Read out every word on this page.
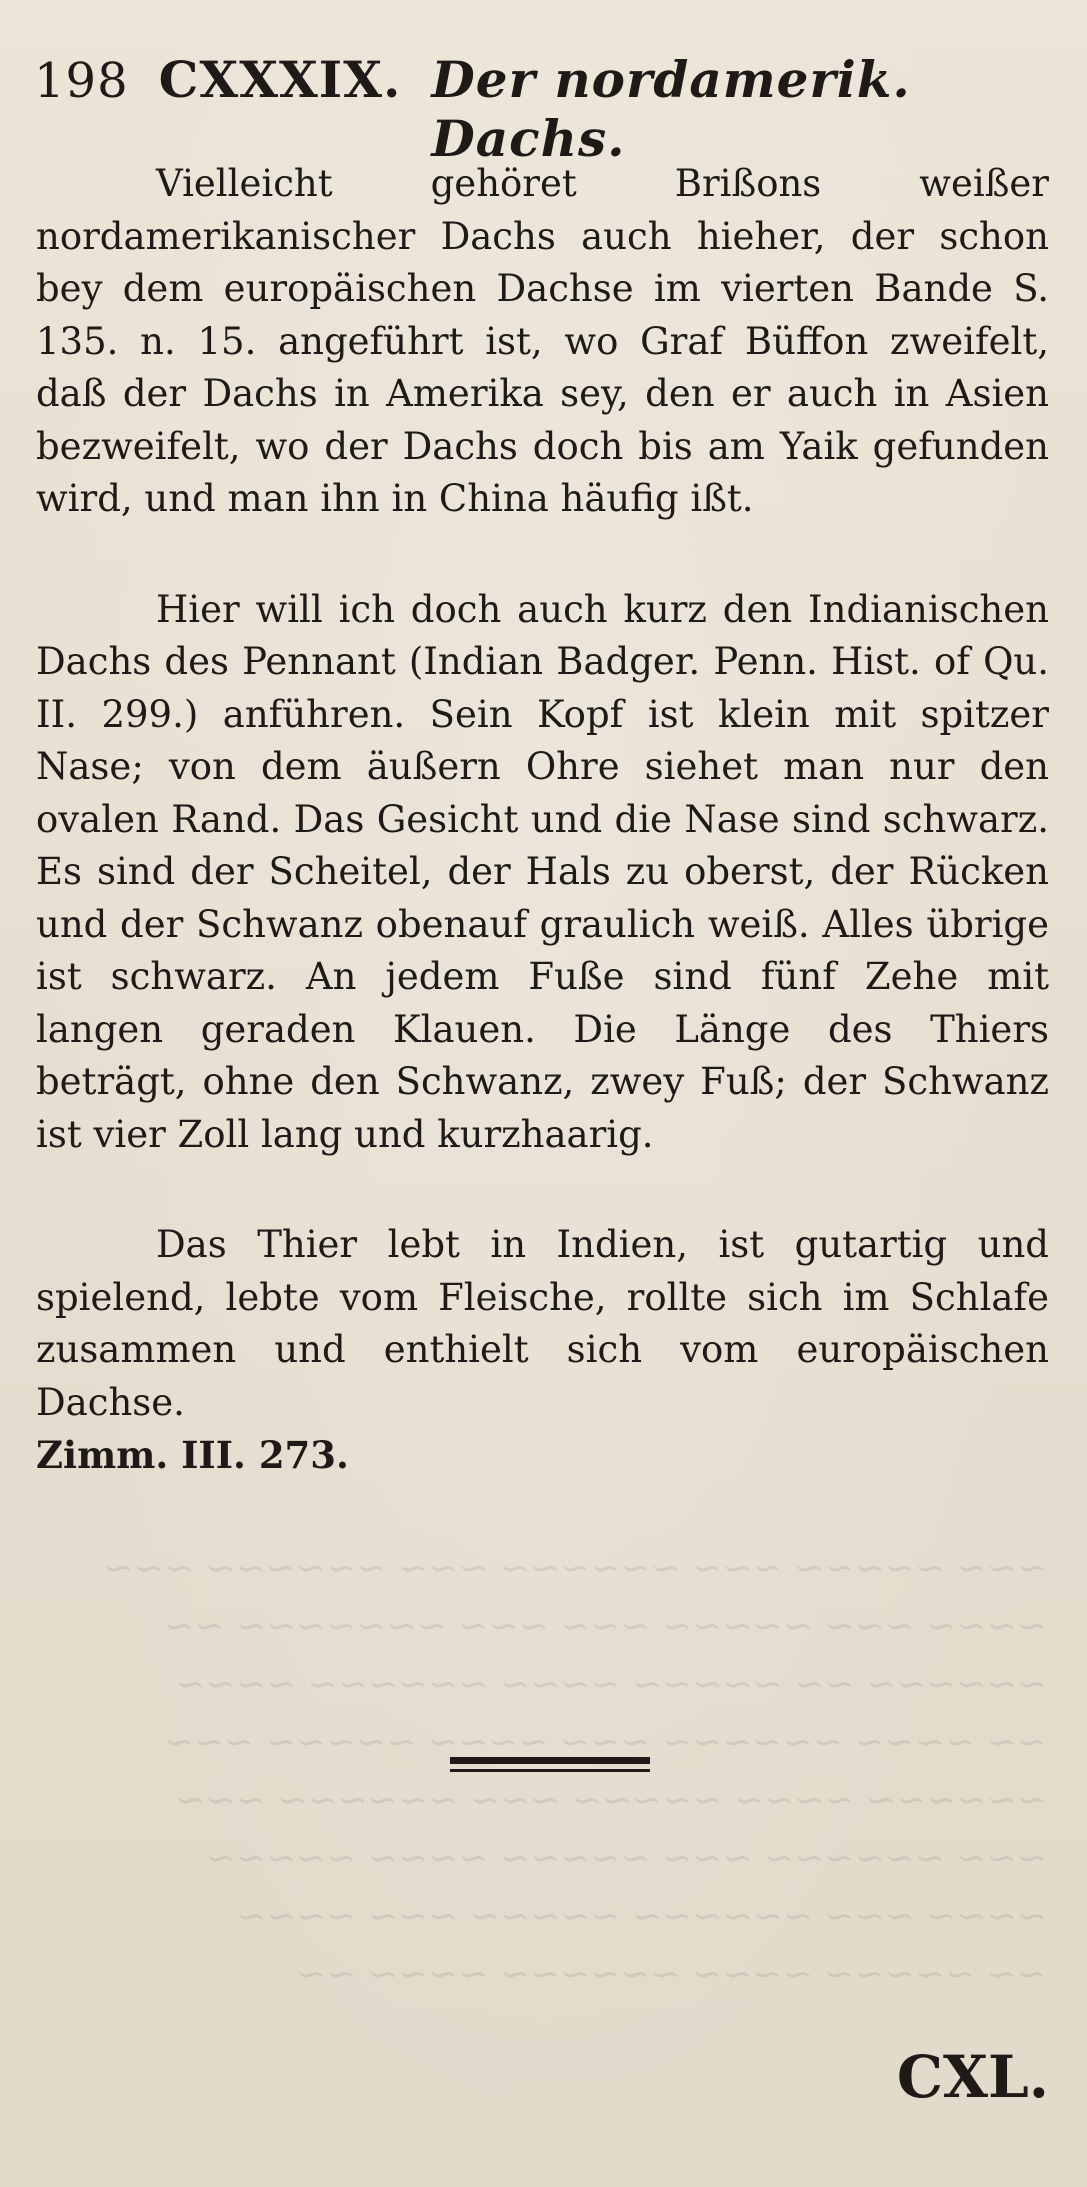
~~~ ~~~~~ ~~~ ~~~~~~ ~~~ ~~~~~~ ~~~
~~~~ ~~~ ~~~~~ ~~~ ~~~ ~~~~~~~ ~~
~~~~~~ ~~ ~~~~~ ~~~~ ~~~~~~ ~~~~
~~ ~~~~ ~~~~~~ ~~~ ~~~~ ~~~~~ ~~~
~~~~~~ ~~~~ ~~~~~ ~~~ ~~~~~~ ~~~
~~~ ~~~~~~ ~~~ ~~~~~ ~~~~ ~~~~~
~~~~ ~~~ ~~~~~~ ~~~~~ ~~~ ~~~~
~~ ~~~~~ ~~~~ ~~~~~~ ~~~~ ~~
198 CXXXIX. Der nordamerik. Dachs.

Vielleicht gehöret Brißons weißer nordamerikanischer Dachs auch hieher, der schon bey dem europäischen Dachse im vierten Bande S. 135. n. 15. angeführt ist, wo Graf Büffon zweifelt, daß der Dachs in Amerika sey, den er auch in Asien bezweifelt, wo der Dachs doch bis am Yaik gefunden wird, und man ihn in China häufig ißt.

Hier will ich doch auch kurz den Indianischen Dachs des Pennant (Indian Badger. Penn. Hist. of Qu. II. 299.) anführen. Sein Kopf ist klein mit spitzer Nase; von dem äußern Ohre siehet man nur den ovalen Rand. Das Gesicht und die Nase sind schwarz. Es sind der Scheitel, der Hals zu oberst, der Rücken und der Schwanz obenauf graulich weiß. Alles übrige ist schwarz. An jedem Fuße sind fünf Zehe mit langen geraden Klauen. Die Länge des Thiers beträgt, ohne den Schwanz, zwey Fuß; der Schwanz ist vier Zoll lang und kurzhaarig.

Das Thier lebt in Indien, ist gutartig und spielend, lebte vom Fleische, rollte sich im Schlafe zusammen und enthielt sich vom europäischen Dachse.
Zimm. III. 273.

CXL.
